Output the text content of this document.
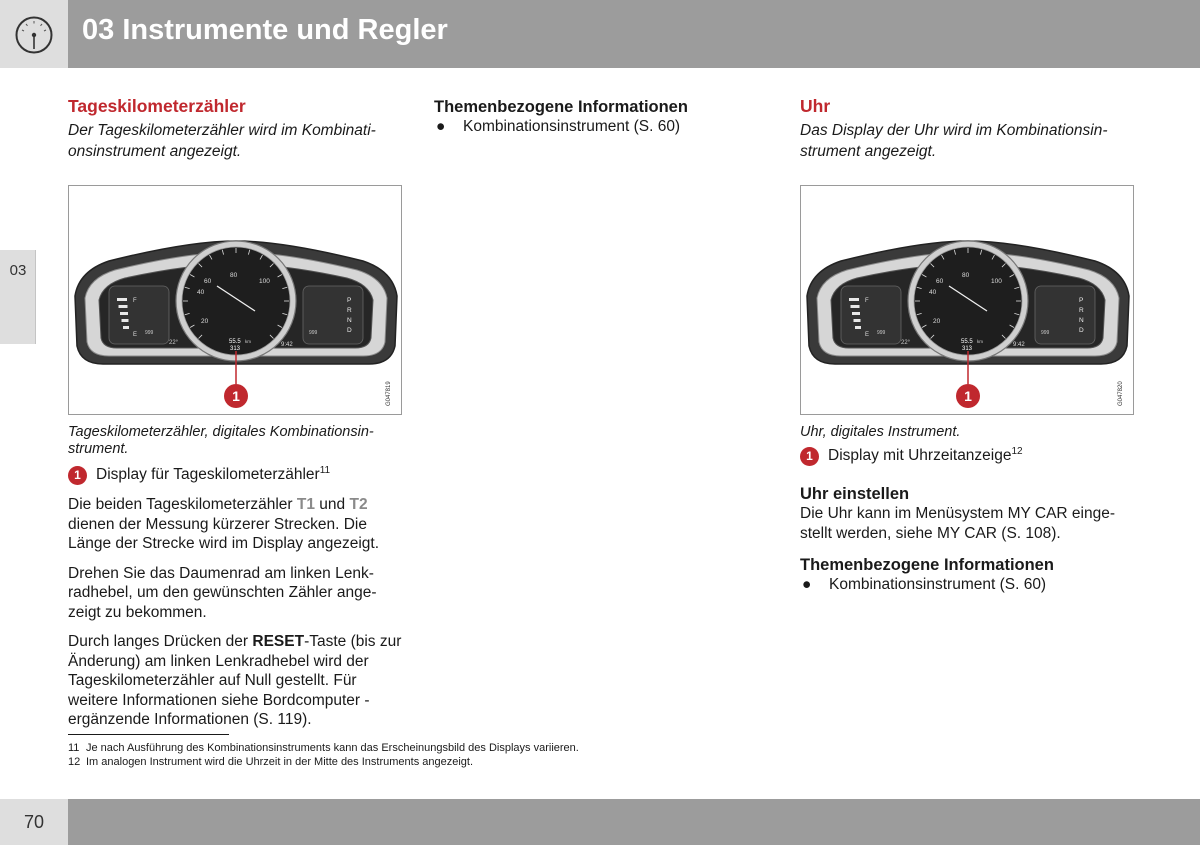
03 Instrumente und Regler
03
Tageskilometerzähler
Der Tageskilometerzähler wird im Kombinati-onsinstrument angezeigt.
F
E 999
22°
P
R
N
D
999
9:42
60
80
100
40
20
55.5 km
313
1	G047819
Tageskilometerzähler, digitales Kombinationsin-strument.
1 Display für Tageskilometerzähler$^{11}$

Die beiden Tageskilometerzähler T1 und T2 dienen der Messung kürzerer Strecken. Die Länge der Strecke wird im Display angezeigt.

Drehen Sie das Daumenrad am linken Lenk-radhebel, um den gewünschten Zähler ange-zeigt zu bekommen.

Durch langes Drücken der RESET-Taste (bis zur Änderung) am linken Lenkradhebel wird der Tageskilometerzähler auf Null gestellt. Für weitere Informationen siehe Bordcomputer - ergänzende Informationen (S. 119).

Themenbezogene Informationen
●	Kombinationsinstrument (S. 60)
Uhr
Das Display der Uhr wird im Kombinationsin-strument angezeigt.
F
E 999
22°
P
R
N
D
999
9:42
60
80
100
40
20
55.5 km
313
1	G047820
Uhr, digitales Instrument.
1 Display mit Uhrzeitanzeige$^{12}$
Uhr einstellen

Die Uhr kann im Menüsystem MY CAR einge-stellt werden, siehe MY CAR (S. 108).

Themenbezogene Informationen
●	Kombinationsinstrument (S. 60)
11 Je nach Ausführung des Kombinationsinstruments kann das Erscheinungsbild des Displays variieren.
12 Im analogen Instrument wird die Uhrzeit in der Mitte des Instruments angezeigt.
70
